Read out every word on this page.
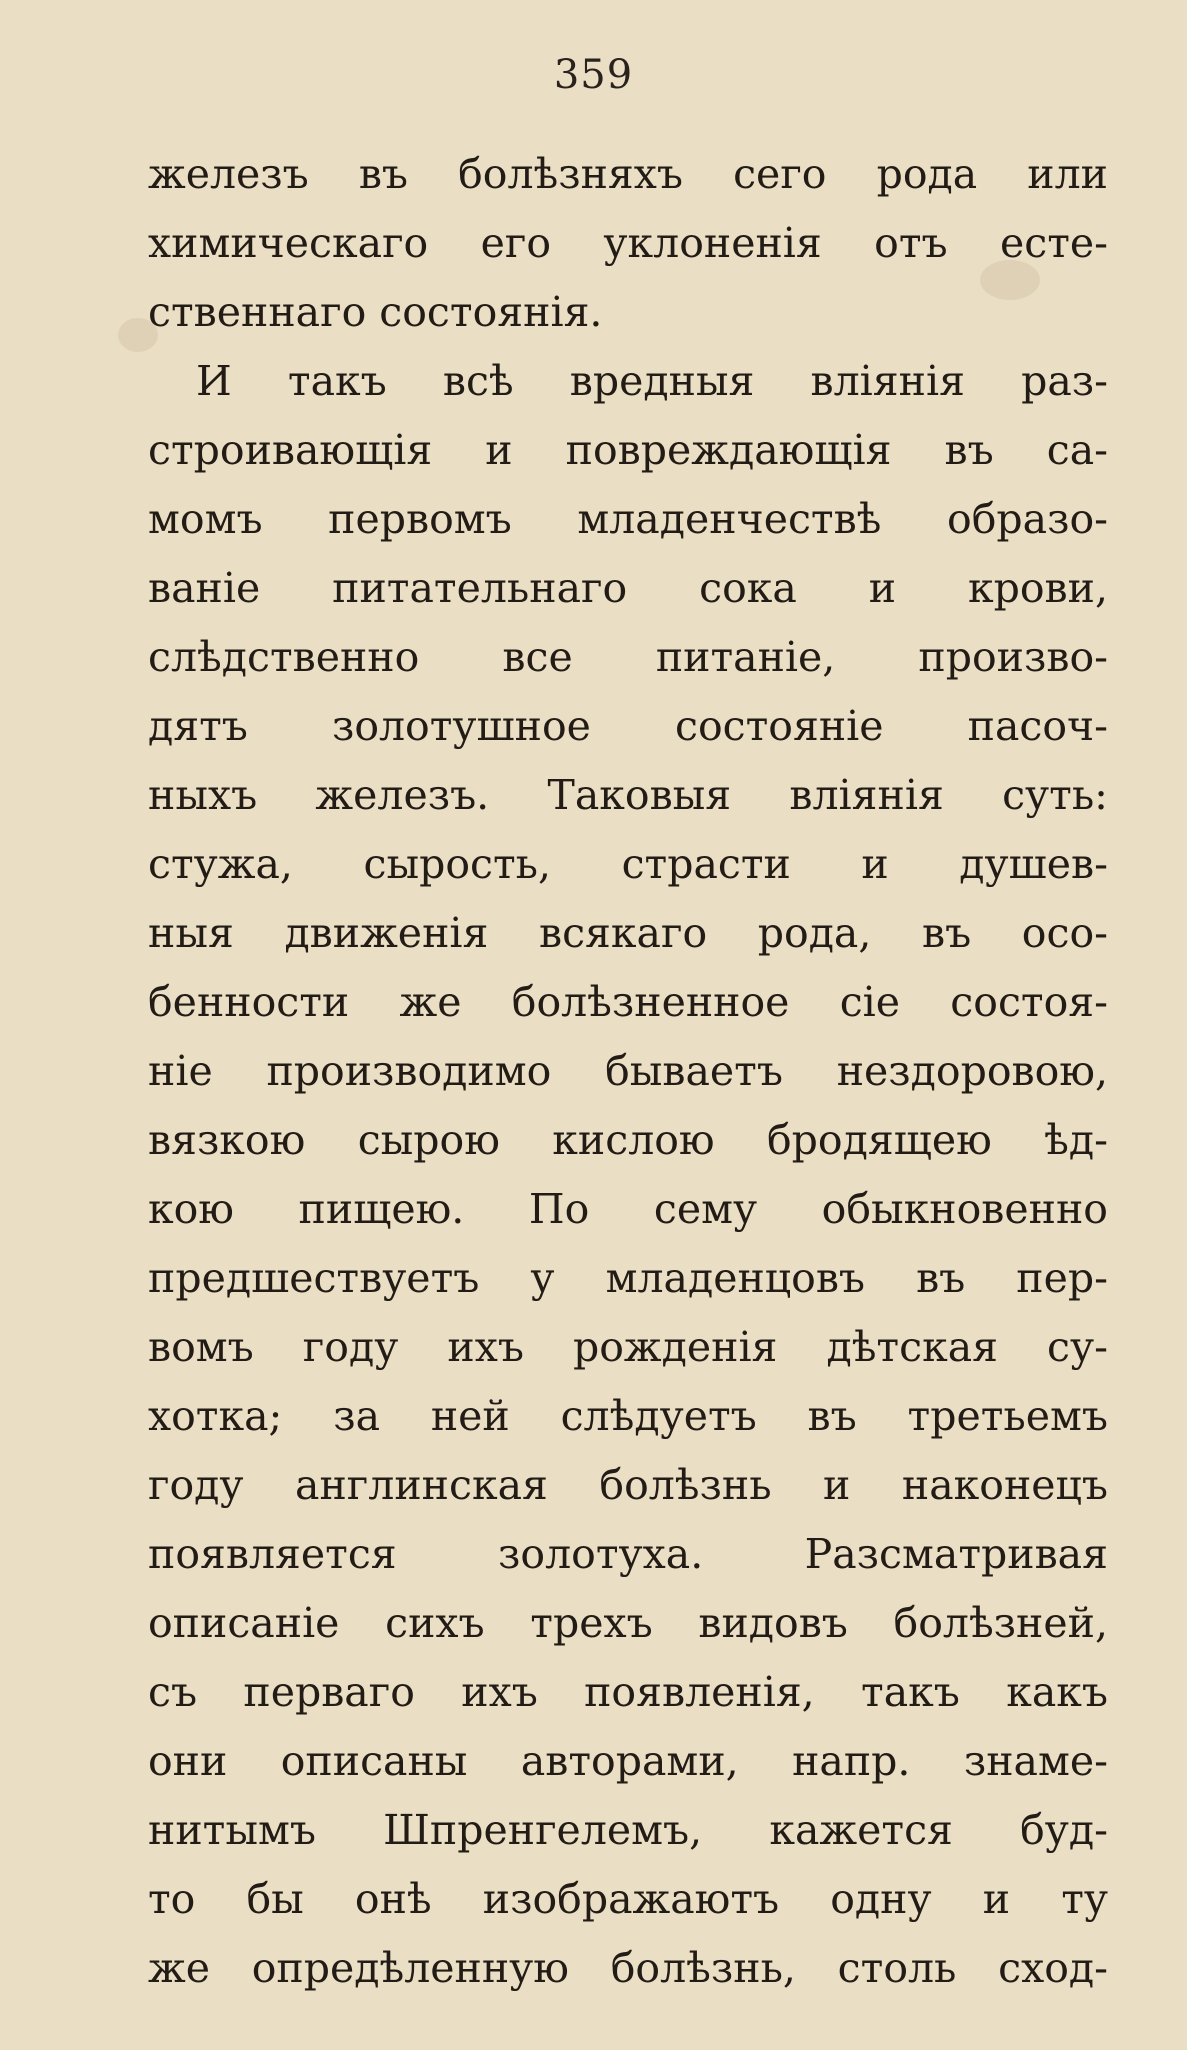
359
железъ въ болѣзняхъ сего рода или
химическаго его уклоненія отъ есте-
ственнаго состоянія.
И такъ всѣ вредныя вліянія раз-
строивающія и повреждающія въ са-
момъ первомъ младенчествѣ образо-
ваніе питательнаго сока и крови,
слѣдственно все питаніе, произво-
дятъ золотушное состояніе пасоч-
ныхъ железъ. Таковыя вліянія суть:
стужа, сырость, страсти и душев-
ныя движенія всякаго рода, въ осо-
бенности же болѣзненное сіе состоя-
ніе производимо бываетъ нездоровою,
вязкою сырою кислою бродящею ѣд-
кою пищею. По сему обыкновенно
предшествуетъ у младенцовъ въ пер-
вомъ году ихъ рожденія дѣтская су-
хотка; за ней слѣдуетъ въ третьемъ
году англинская болѣзнь и наконецъ
появляется золотуха. Разсматривая
описаніе сихъ трехъ видовъ болѣзней,
съ перваго ихъ появленія, такъ какъ
они описаны авторами, напр. знаме-
нитымъ Шпренгелемъ, кажется буд-
то бы онѣ изображаютъ одну и ту
же опредѣленную болѣзнь, столь сход-
